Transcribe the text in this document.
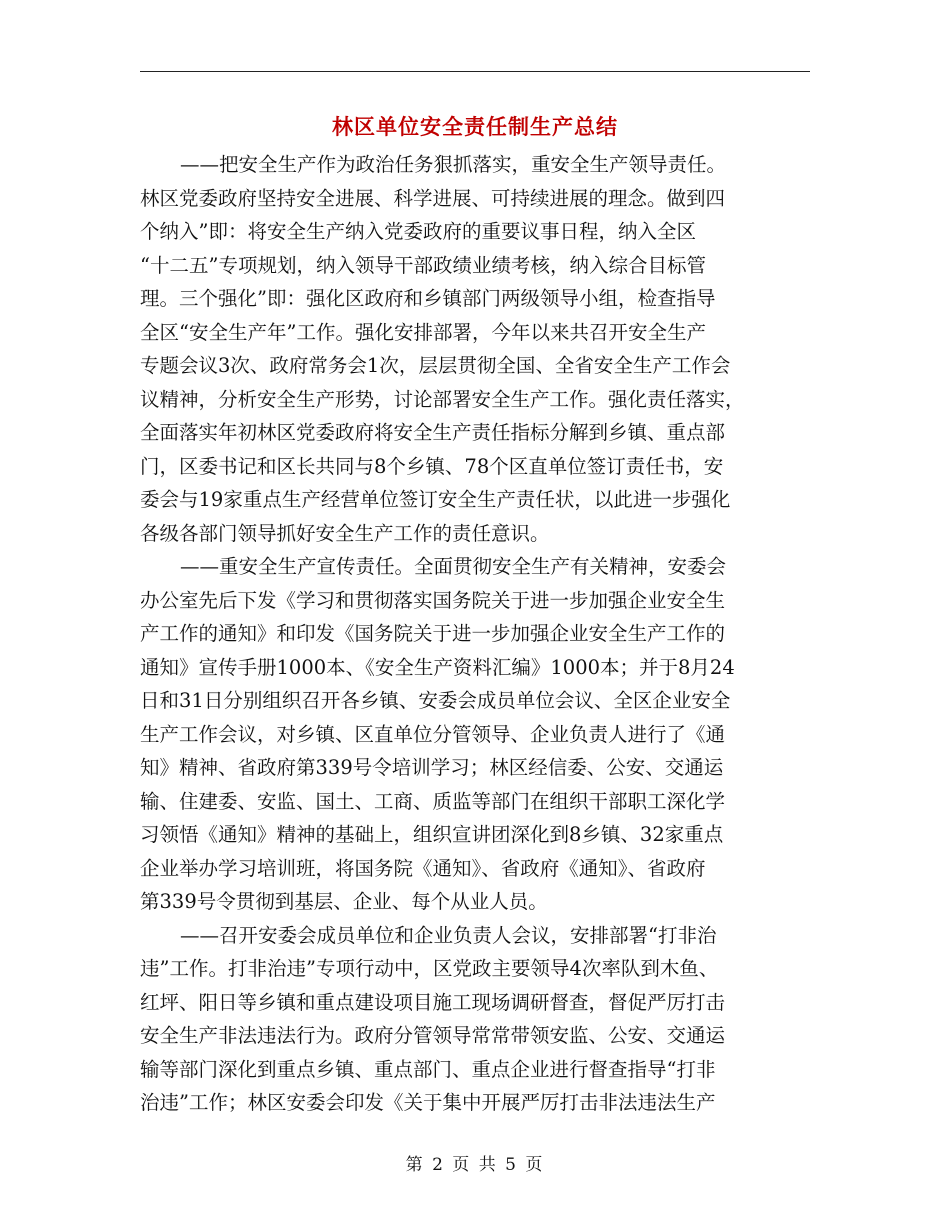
林区单位安全责任制生产总结
——把安全生产作为政治任务狠抓落实，重安全生产领导责任。
林区党委政府坚持安全进展、科学进展、可持续进展的理念。做到四
个纳入”即：将安全生产纳入党委政府的重要议事日程，纳入全区
“十二五”专项规划，纳入领导干部政绩业绩考核，纳入综合目标管
理。三个强化”即：强化区政府和乡镇部门两级领导小组，检查指导
全区“安全生产年”工作。强化安排部署，今年以来共召开安全生产
专题会议3次、政府常务会1次，层层贯彻全国、全省安全生产工作会
议精神，分析安全生产形势，讨论部署安全生产工作。强化责任落实，
全面落实年初林区党委政府将安全生产责任指标分解到乡镇、重点部
门，区委书记和区长共同与8个乡镇、78个区直单位签订责任书，安
委会与19家重点生产经营单位签订安全生产责任状，以此进一步强化
各级各部门领导抓好安全生产工作的责任意识。
——重安全生产宣传责任。全面贯彻安全生产有关精神，安委会
办公室先后下发《学习和贯彻落实国务院关于进一步加强企业安全生
产工作的通知》和印发《国务院关于进一步加强企业安全生产工作的
通知》宣传手册1000本、《安全生产资料汇编》1000本；并于8月24
日和31日分别组织召开各乡镇、安委会成员单位会议、全区企业安全
生产工作会议，对乡镇、区直单位分管领导、企业负责人进行了《通
知》精神、省政府第339号令培训学习；林区经信委、公安、交通运
输、住建委、安监、国土、工商、质监等部门在组织干部职工深化学
习领悟《通知》精神的基础上，组织宣讲团深化到8乡镇、32家重点
企业举办学习培训班，将国务院《通知》、省政府《通知》、省政府
第339号令贯彻到基层、企业、每个从业人员。
——召开安委会成员单位和企业负责人会议，安排部署“打非治
违”工作。打非治违”专项行动中，区党政主要领导4次率队到木鱼、
红坪、阳日等乡镇和重点建设项目施工现场调研督查，督促严厉打击
安全生产非法违法行为。政府分管领导常常带领安监、公安、交通运
输等部门深化到重点乡镇、重点部门、重点企业进行督查指导“打非
治违”工作；林区安委会印发《关于集中开展严厉打击非法违法生产
第 2 页 共 5 页
